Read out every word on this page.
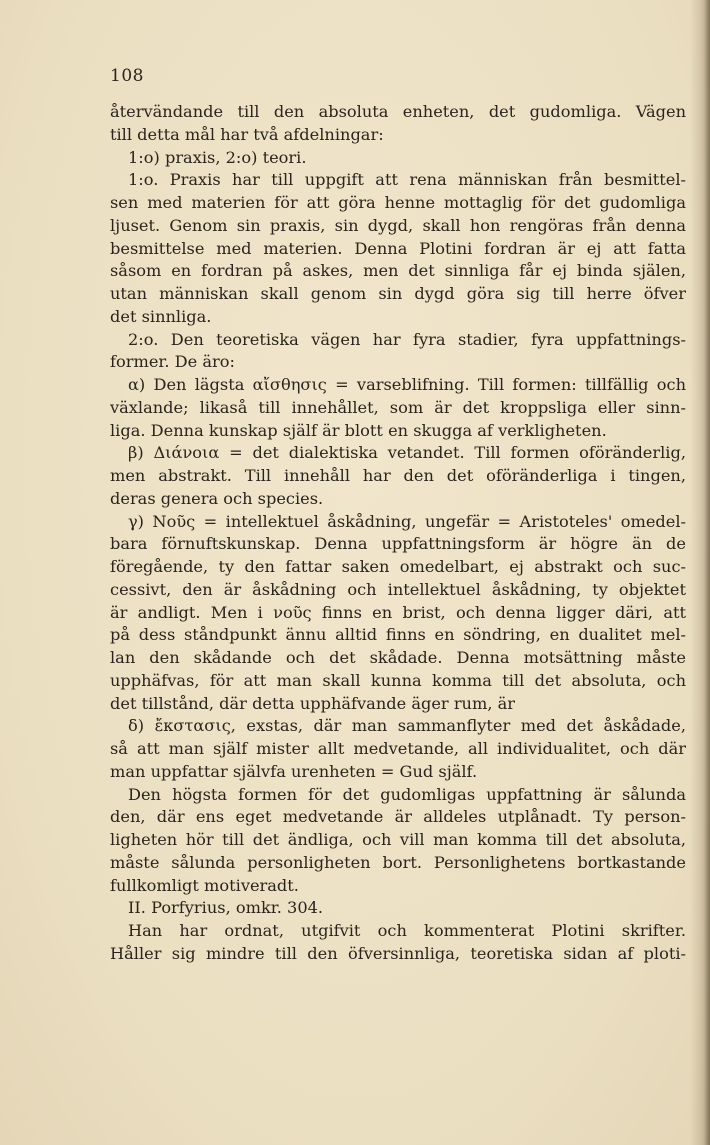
108
återvändande till den absoluta enheten, det gudomliga. Vägen
till detta mål har två afdelningar:
1:o) praxis, 2:o) teori.
1:o. Praxis har till uppgift att rena människan från besmittel-
sen med materien för att göra henne mottaglig för det gudomliga
ljuset. Genom sin praxis, sin dygd, skall hon rengöras från denna
besmittelse med materien. Denna Plotini fordran är ej att fatta
såsom en fordran på askes, men det sinnliga får ej binda själen,
utan människan skall genom sin dygd göra sig till herre öfver
det sinnliga.
2:o. Den teoretiska vägen har fyra stadier, fyra uppfattnings-
former. De äro:
α) Den lägsta αἴσθησις = varseblifning. Till formen: tillfällig och
växlande; likaså till innehållet, som är det kroppsliga eller sinn-
liga. Denna kunskap själf är blott en skugga af verkligheten.
β) Διάνοια = det dialektiska vetandet. Till formen oföränderlig,
men abstrakt. Till innehåll har den det oföränderliga i tingen,
deras genera och species.
γ) Νοῦς = intellektuel åskådning, ungefär = Aristoteles' omedel-
bara förnuftskunskap. Denna uppfattningsform är högre än de
föregående, ty den fattar saken omedelbart, ej abstrakt och suc-
cessivt, den är åskådning och intellektuel åskådning, ty objektet
är andligt. Men i νοῦς finns en brist, och denna ligger däri, att
på dess ståndpunkt ännu alltid finns en söndring, en dualitet mel-
lan den skådande och det skådade. Denna motsättning måste
upphäfvas, för att man skall kunna komma till det absoluta, och
det tillstånd, där detta upphäfvande äger rum, är
δ) ἔκστασις, exstas, där man sammanflyter med det åskådade,
så att man själf mister allt medvetande, all individualitet, och där
man uppfattar självfa urenheten = Gud själf.
Den högsta formen för det gudomligas uppfattning är sålunda
den, där ens eget medvetande är alldeles utplånadt. Ty person-
ligheten hör till det ändliga, och vill man komma till det absoluta,
måste sålunda personligheten bort. Personlighetens bortkastande
fullkomligt motiveradt.
II. Porfyrius, omkr. 304.
Han har ordnat, utgifvit och kommenterat Plotini skrifter.
Håller sig mindre till den öfversinnliga, teoretiska sidan af ploti-
